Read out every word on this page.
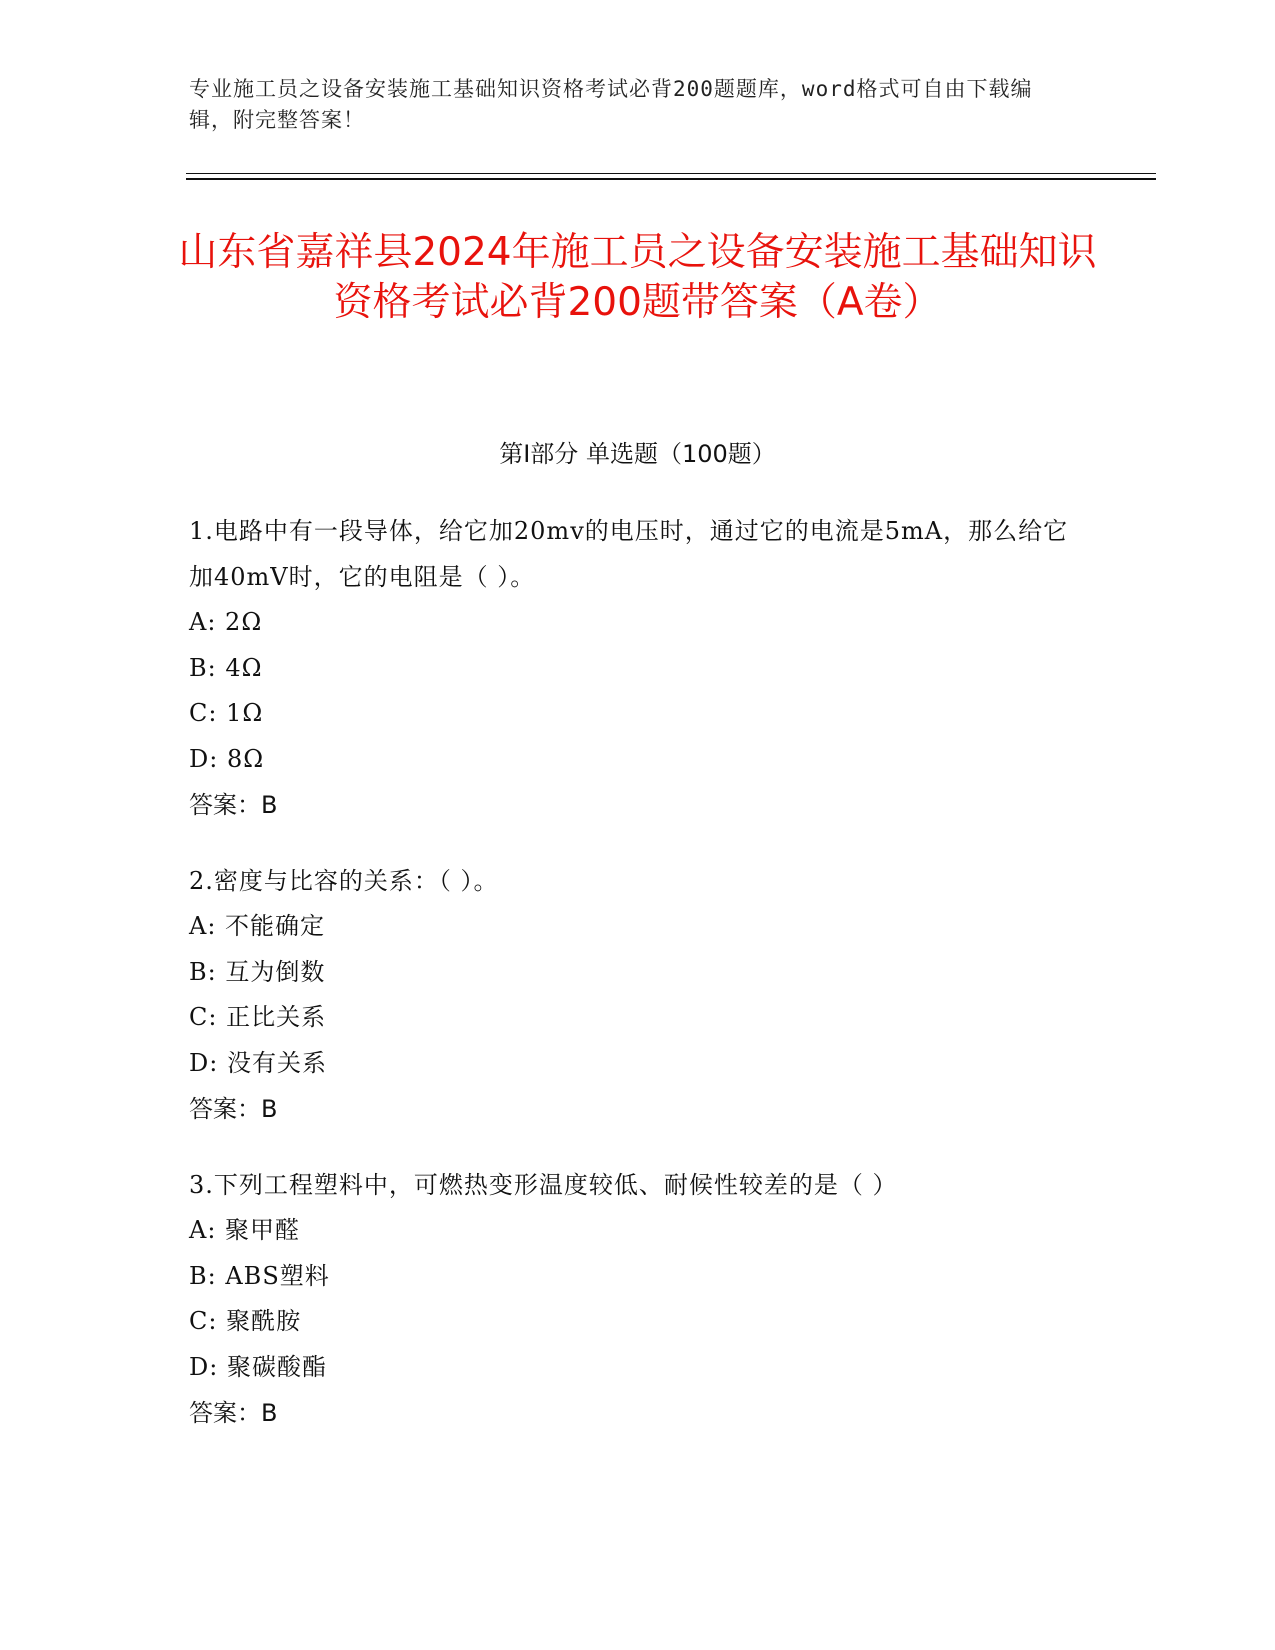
专业施工员之设备安装施工基础知识资格考试必背200题题库，word格式可自由下载编辑，附完整答案！
山东省嘉祥县2024年施工员之设备安装施工基础知识资格考试必背200题带答案（A卷）
第I部分 单选题（100题）

1.电路中有一段导体，给它加20mv的电压时，通过它的电流是5mA，那么给它加40mV时，它的电阻是（ ）。

A: 2Ω

B: 4Ω

C: 1Ω

D: 8Ω

答案：B

2.密度与比容的关系：（ ）。

A: 不能确定

B: 互为倒数

C: 正比关系

D: 没有关系

答案：B

3.下列工程塑料中，可燃热变形温度较低、耐候性较差的是（ ）

A: 聚甲醛

B: ABS塑料

C: 聚酰胺

D: 聚碳酸酯

答案：B
